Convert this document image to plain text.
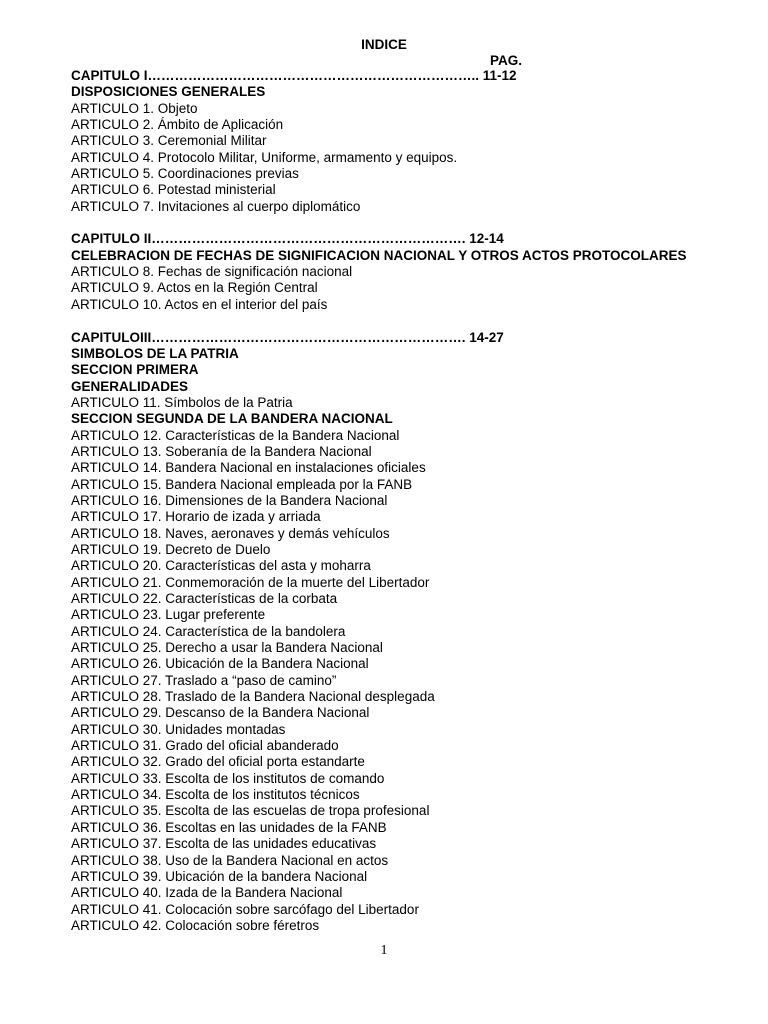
INDICE
PAG.
CAPITULO I……………………………………………………………….. 11-12
DISPOSICIONES GENERALES
ARTICULO 1. Objeto
ARTICULO 2. Ámbito de Aplicación
ARTICULO 3. Ceremonial Militar
ARTICULO 4. Protocolo Militar, Uniforme, armamento y equipos.
ARTICULO 5. Coordinaciones previas
ARTICULO 6. Potestad ministerial
ARTICULO 7. Invitaciones al cuerpo diplomático
CAPITULO II……………………………………………………………. 12-14
CELEBRACION DE FECHAS DE SIGNIFICACION NACIONAL Y OTROS ACTOS PROTOCOLARES
ARTICULO 8. Fechas de significación nacional
ARTICULO 9. Actos en la Región Central
ARTICULO 10. Actos en el interior del país
CAPITULOIII……………………………………………………………. 14-27
SIMBOLOS DE LA PATRIA
SECCION PRIMERA
GENERALIDADES
ARTICULO 11. Símbolos de la Patria
SECCION SEGUNDA DE LA BANDERA NACIONAL
ARTICULO 12. Características de la Bandera Nacional
ARTICULO 13. Soberanía de la Bandera Nacional
ARTICULO 14. Bandera Nacional en instalaciones oficiales
ARTICULO 15. Bandera Nacional empleada por la FANB
ARTICULO 16. Dimensiones de la Bandera Nacional
ARTICULO 17. Horario de izada y arriada
ARTICULO 18. Naves, aeronaves y demás vehículos
ARTICULO 19. Decreto de Duelo
ARTICULO 20. Características del asta y moharra
ARTICULO 21. Conmemoración de la muerte del Libertador
ARTICULO 22. Características de la corbata
ARTICULO 23. Lugar preferente
ARTICULO 24. Característica de la bandolera
ARTICULO 25. Derecho a usar la Bandera Nacional
ARTICULO 26. Ubicación de la Bandera Nacional
ARTICULO 27. Traslado a “paso de camino”
ARTICULO 28. Traslado de la Bandera Nacional desplegada
ARTICULO 29. Descanso de la Bandera Nacional
ARTICULO 30. Unidades montadas
ARTICULO 31. Grado del oficial abanderado
ARTICULO 32. Grado del oficial porta estandarte
ARTICULO 33. Escolta de los institutos de comando
ARTICULO 34. Escolta de los institutos técnicos
ARTICULO 35. Escolta de las escuelas de tropa profesional
ARTICULO 36. Escoltas en las unidades de la FANB
ARTICULO 37. Escolta de las unidades educativas
ARTICULO 38. Uso de la Bandera Nacional en actos
ARTICULO 39. Ubicación de la bandera Nacional
ARTICULO 40. Izada de la Bandera Nacional
ARTICULO 41. Colocación sobre sarcófago del Libertador
ARTICULO 42. Colocación sobre féretros
1
